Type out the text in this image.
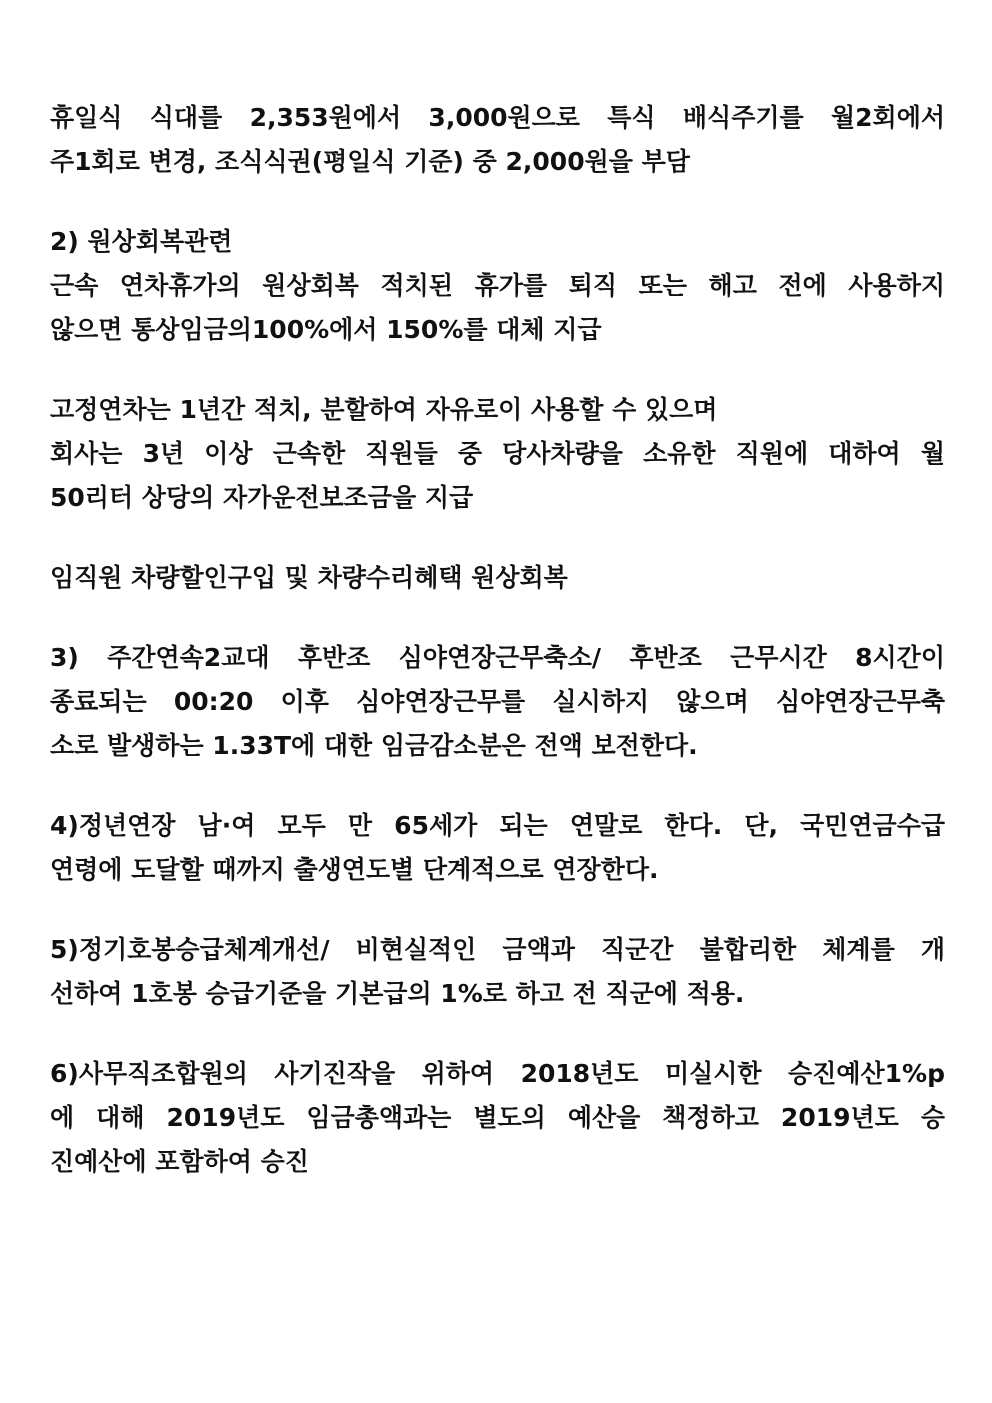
휴일식 식대를 2,353원에서 3,000원으로 특식 배식주기를 월2회에서
주1회로 변경, 조식식권(평일식 기준) 중 2,000원을 부담
2) 원상회복관련
근속 연차휴가의 원상회복 적치된 휴가를 퇴직 또는 해고 전에 사용하지
않으면 통상임금의100%에서 150%를 대체 지급
고정연차는 1년간 적치, 분할하여 자유로이 사용할 수 있으며
회사는 3년 이상 근속한 직원들 중 당사차량을 소유한 직원에 대하여 월
50리터 상당의 자가운전보조금을 지급
임직원 차량할인구입 및 차량수리혜택 원상회복
3) 주간연속2교대 후반조 심야연장근무축소/ 후반조 근무시간 8시간이
종료되는 00:20 이후 심야연장근무를 실시하지 않으며 심야연장근무축
소로 발생하는 1.33T에 대한 임금감소분은 전액 보전한다.
4)정년연장 남·여 모두 만 65세가 되는 연말로 한다. 단, 국민연금수급
연령에 도달할 때까지 출생연도별 단계적으로 연장한다.
5)정기호봉승급체계개선/ 비현실적인 금액과 직군간 불합리한 체계를 개
선하여 1호봉 승급기준을 기본급의 1%로 하고 전 직군에 적용.
6)사무직조합원의 사기진작을 위하여 2018년도 미실시한 승진예산1%p
에 대해 2019년도 임금총액과는 별도의 예산을 책정하고 2019년도 승
진예산에 포함하여 승진
